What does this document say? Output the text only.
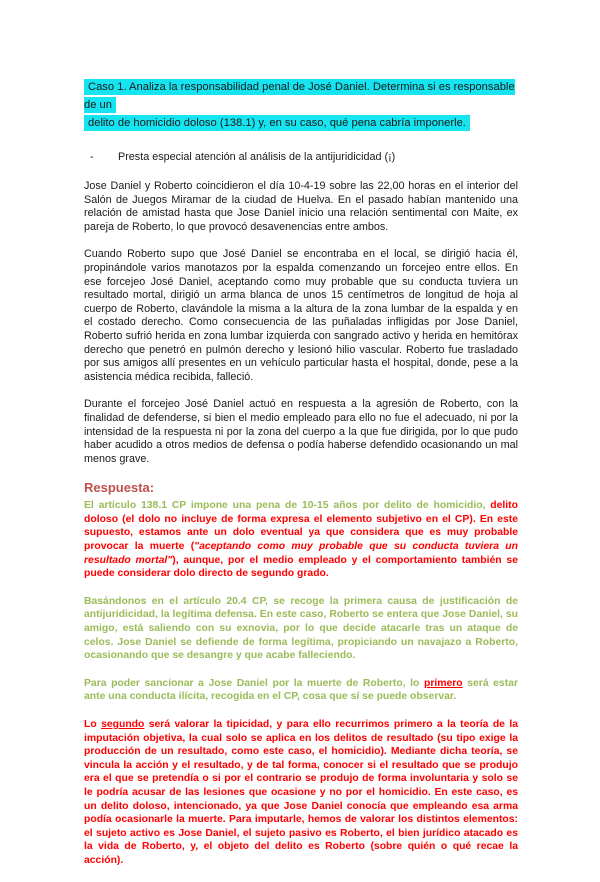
Caso 1. Analiza la responsabilidad penal de José Daniel. Determina si es responsable de un
delito de homicidio doloso (138.1) y, en su caso, qué pena cabría imponerle.
-	Presta especial atención al análisis de la antijuridicidad (¡)

Jose Daniel y Roberto coincidieron el día 10-4-19 sobre las 22,00 horas en el interior del Salón de Juegos Miramar de la ciudad de Huelva. En el pasado habían mantenido una relación de amistad hasta que Jose Daniel inicio una relación sentimental con Maite, ex pareja de Roberto, lo que provocó desavenencias entre ambos.

Cuando Roberto supo que José Daniel se encontraba en el local, se dirigió hacia él, propinándole varios manotazos por la espalda comenzando un forcejeo entre ellos. En ese forcejeo José Daniel, aceptando como muy probable que su conducta tuviera un resultado mortal, dirigió un arma blanca de unos 15 centímetros de longitud de hoja al cuerpo de Roberto, clavándole la misma a la altura de la zona lumbar de la espalda y en el costado derecho. Como consecuencia de las puñaladas infligidas por Jose Daniel, Roberto sufrió herida en zona lumbar izquierda con sangrado activo y herida en hemitórax derecho que penetró en pulmón derecho y lesionó hilio vascular. Roberto fue trasladado por sus amigos allí presentes en un vehículo particular hasta el hospital, donde, pese a la asistencia médica recibida, falleció.

Durante el forcejeo José Daniel actuó en respuesta a la agresión de Roberto, con la finalidad de defenderse, si bien el medio empleado para ello no fue el adecuado, ni por la intensidad de la respuesta ni por la zona del cuerpo a la que fue dirigida, por lo que pudo haber acudido a otros medios de defensa o podía haberse defendido ocasionando un mal menos grave.

Respuesta:

El artículo 138.1 CP impone una pena de 10-15 años por delito de homicidio, delito doloso (el dolo no incluye de forma expresa el elemento subjetivo en el CP). En este supuesto, estamos ante un dolo eventual ya que considera que es muy probable provocar la muerte ("aceptando como muy probable que su conducta tuviera un resultado mortal"), aunque, por el medio empleado y el comportamiento también se puede considerar dolo directo de segundo grado.

Basándonos en el artículo 20.4 CP, se recoge la primera causa de justificación de antijuridicidad, la legítima defensa. En este caso, Roberto se entera que Jose Daniel, su amigo, está saliendo con su exnovia, por lo que decide atacarle tras un ataque de celos. Jose Daniel se defiende de forma legítima, propiciando un navajazo a Roberto, ocasionando que se desangre y que acabe falleciendo.

Para poder sancionar a Jose Daniel por la muerte de Roberto, lo primero será estar ante una conducta ilícita, recogida en el CP, cosa que sí se puede observar.

Lo segundo será valorar la tipicidad, y para ello recurrimos primero a la teoría de la imputación objetiva, la cual solo se aplica en los delitos de resultado (su tipo exige la producción de un resultado, como este caso, el homicidio). Mediante dicha teoría, se vincula la acción y el resultado, y de tal forma, conocer si el resultado que se produjo era el que se pretendía o si por el contrario se produjo de forma involuntaria y solo se le podría acusar de las lesiones que ocasione y no por el homicidio. En este caso, es un delito doloso, intencionado, ya que Jose Daniel conocía que empleando esa arma podía ocasionarle la muerte. Para imputarle, hemos de valorar los distintos elementos: el sujeto activo es Jose Daniel, el sujeto pasivo es Roberto, el bien jurídico atacado es la vida de Roberto, y, el objeto del delito es Roberto (sobre quién o qué recae la acción).
